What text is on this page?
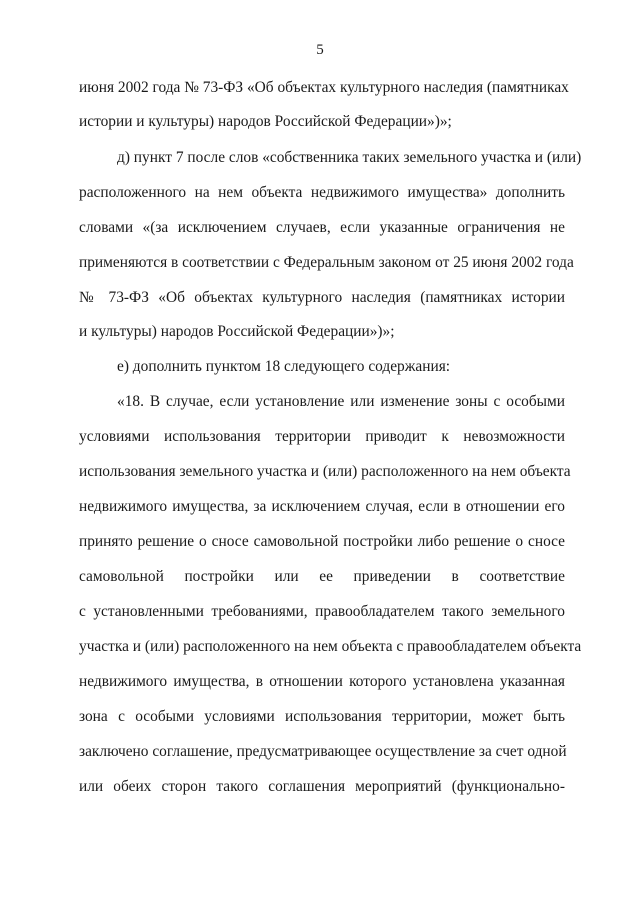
5
июня 2002 года № 73-ФЗ «Об объектах культурного наследия (памятниках
истории и культуры) народов Российской Федерации»)»;
д) пункт 7 после слов «собственника таких земельного участка и (или)
расположенного на нем объекта недвижимого имущества» дополнить
словами «(за исключением случаев, если указанные ограничения не
применяются в соответствии с Федеральным законом от 25 июня 2002 года
№ 73-ФЗ «Об объектах культурного наследия (памятниках истории
и культуры) народов Российской Федерации»)»;
е) дополнить пунктом 18 следующего содержания:
«18. В случае, если установление или изменение зоны с особыми
условиями использования территории приводит к невозможности
использования земельного участка и (или) расположенного на нем объекта
недвижимого имущества, за исключением случая, если в отношении его
принято решение о сносе самовольной постройки либо решение о сносе
самовольной постройки или ее приведении в соответствие
с установленными требованиями, правообладателем такого земельного
участка и (или) расположенного на нем объекта с правообладателем объекта
недвижимого имущества, в отношении которого установлена указанная
зона с особыми условиями использования территории, может быть
заключено соглашение, предусматривающее осуществление за счет одной
или обеих сторон такого соглашения мероприятий (функционально-
